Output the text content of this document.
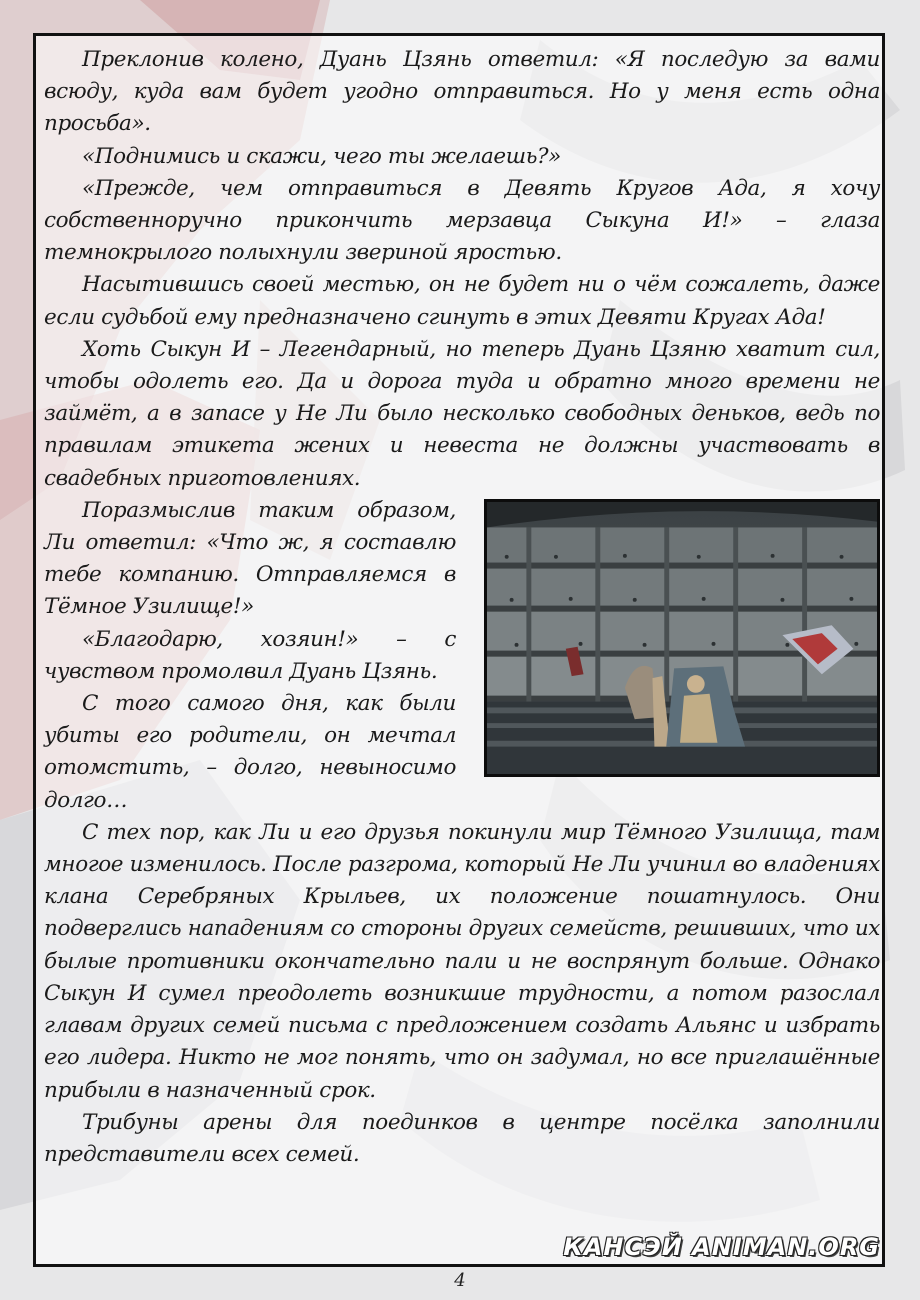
Преклонив колено, Дуань Цзянь ответил: «Я последую за вами всюду, куда вам будет угодно отправиться. Но у меня есть одна просьба».

«Поднимись и скажи, чего ты желаешь?»

«Прежде, чем отправиться в Девять Кругов Ада, я хочу собственноручно прикончить мерзавца Сыкуна И!» – глаза темнокрылого полыхнули звериной яростью.

Насытившись своей местью, он не будет ни о чём сожалеть, даже если судьбой ему предназначено сгинуть в этих Девяти Кругах Ада!

Хоть Сыкун И – Легендарный, но теперь Дуань Цзяню хватит сил, чтобы одолеть его. Да и дорога туда и обратно много времени не займёт, а в запасе у Не Ли было несколько свободных деньков, ведь по правилам этикета жених и невеста не должны участвовать в свадебных приготовлениях.

Поразмыслив таким образом, Ли ответил: «Что ж, я составлю тебе компанию. Отправляемся в Тёмное Узилище!»

«Благодарю, хозяин!» – с чувством промолвил Дуань Цзянь.

С того самого дня, как были убиты его родители, он мечтал отомстить, – долго, невыносимо долго…

С тех пор, как Ли и его друзья покинули мир Тёмного Узилища, там многое изменилось. После разгрома, который Не Ли учинил во владениях клана Серебряных Крыльев, их положение пошатнулось. Они подверглись нападениям со стороны других семейств, решивших, что их былые противники окончательно пали и не воспрянут больше. Однако Сыкун И сумел преодолеть возникшие трудности, а потом разослал главам других семей письма с предложением создать Альянс и избрать его лидера. Никто не мог понять, что он задумал, но все приглашённые прибыли в назначенный срок.

Трибуны арены для поединков в центре посёлка заполнили представители всех семей.

КАНСЭЙ ANIMAN.ORG
4
